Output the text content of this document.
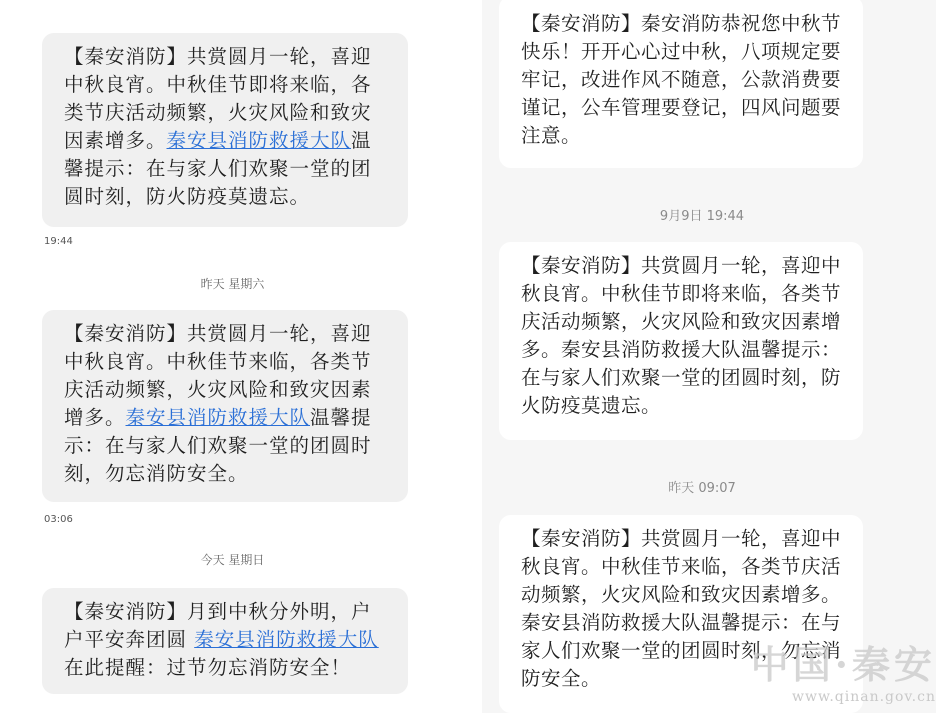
【秦安消防】共赏圆月一轮，喜迎中秋良宵。中秋佳节即将来临，各类节庆活动频繁，火灾风险和致灾因素增多。秦安县消防救援大队温馨提示：在与家人们欢聚一堂的团圆时刻，防火防疫莫遗忘。
19:44
昨天 星期六
【秦安消防】共赏圆月一轮，喜迎中秋良宵。中秋佳节来临，各类节庆活动频繁，火灾风险和致灾因素增多。秦安县消防救援大队温馨提示：在与家人们欢聚一堂的团圆时刻，勿忘消防安全。
03:06
今天 星期日
【秦安消防】月到中秋分外明，户户平安奔团圆 秦安县消防救援大队在此提醒：过节勿忘消防安全！
【秦安消防】秦安消防恭祝您中秋节快乐！开开心心过中秋，八项规定要牢记，改进作风不随意，公款消费要谨记，公车管理要登记，四风问题要注意。
9月9日 19:44
【秦安消防】共赏圆月一轮，喜迎中秋良宵。中秋佳节即将来临，各类节庆活动频繁，火灾风险和致灾因素增多。秦安县消防救援大队温馨提示：在与家人们欢聚一堂的团圆时刻，防火防疫莫遗忘。
昨天 09:07
【秦安消防】共赏圆月一轮，喜迎中秋良宵。中秋佳节来临，各类节庆活动频繁，火灾风险和致灾因素增多。秦安县消防救援大队温馨提示：在与家人们欢聚一堂的团圆时刻，勿忘消防安全。	中国·秦安
www.qinan.gov.cn
